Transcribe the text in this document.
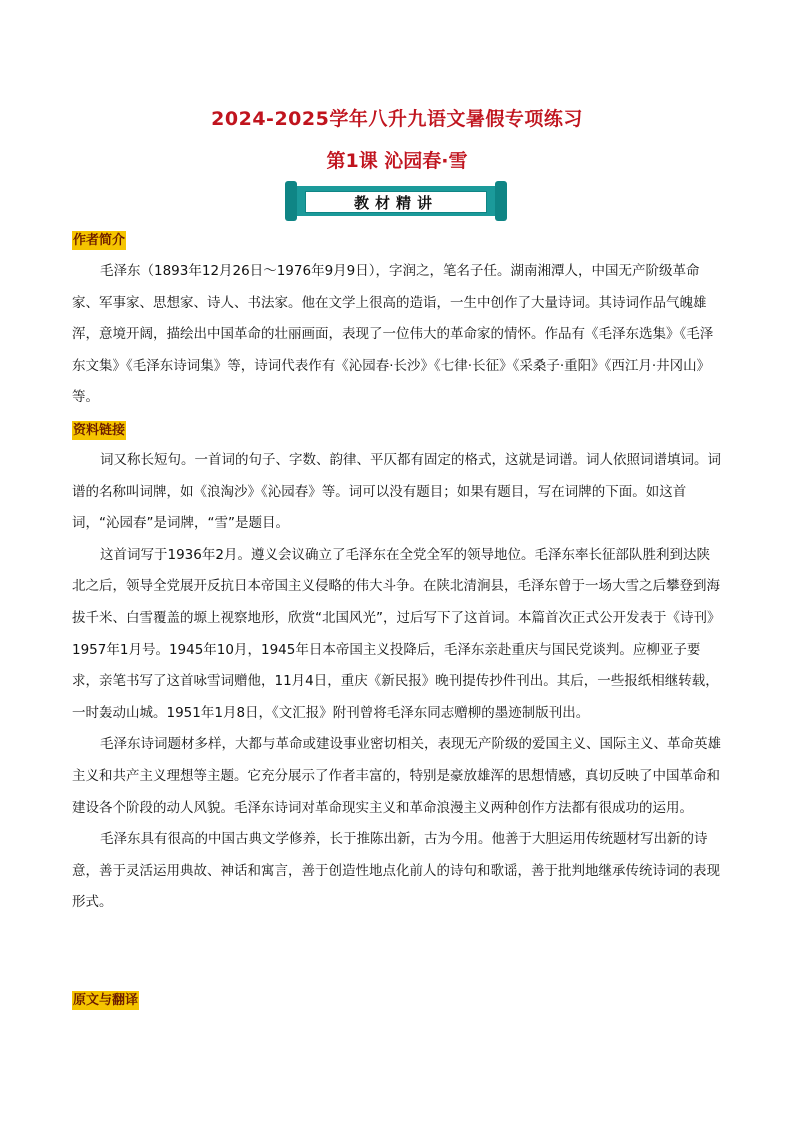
2024-2025学年八升九语文暑假专项练习
第1课 沁园春·雪
教材精讲
作者简介

毛泽东（1893年12月26日～1976年9月9日），字润之，笔名子任。湖南湘潭人，中国无产阶级革命家、军事家、思想家、诗人、书法家。他在文学上很高的造诣，一生中创作了大量诗词。其诗词作品气魄雄浑，意境开阔，描绘出中国革命的壮丽画面，表现了一位伟大的革命家的情怀。作品有《毛泽东选集》《毛泽东文集》《毛泽东诗词集》等，诗词代表作有《沁园春·长沙》《七律·长征》《采桑子·重阳》《西江月·井冈山》等。

资料链接

词又称长短句。一首词的句子、字数、韵律、平仄都有固定的格式，这就是词谱。词人依照词谱填词。词谱的名称叫词牌，如《浪淘沙》《沁园春》等。词可以没有题目；如果有题目，写在词牌的下面。如这首词，“沁园春”是词牌，“雪”是题目。

这首词写于1936年2月。遵义会议确立了毛泽东在全党全军的领导地位。毛泽东率长征部队胜利到达陕北之后，领导全党展开反抗日本帝国主义侵略的伟大斗争。在陕北清涧县，毛泽东曾于一场大雪之后攀登到海拔千米、白雪覆盖的塬上视察地形，欣赏“北国风光”，过后写下了这首词。本篇首次正式公开发表于《诗刊》1957年1月号。1945年10月，1945年日本帝国主义投降后，毛泽东亲赴重庆与国民党谈判。应柳亚子要求，亲笔书写了这首咏雪词赠他，11月4日，重庆《新民报》晚刊提传抄件刊出。其后，一些报纸相继转载，一时轰动山城。1951年1月8日，《文汇报》附刊曾将毛泽东同志赠柳的墨迹制版刊出。

毛泽东诗词题材多样，大都与革命或建设事业密切相关，表现无产阶级的爱国主义、国际主义、革命英雄主义和共产主义理想等主题。它充分展示了作者丰富的，特别是豪放雄浑的思想情感，真切反映了中国革命和建设各个阶段的动人风貌。毛泽东诗词对革命现实主义和革命浪漫主义两种创作方法都有很成功的运用。

毛泽东具有很高的中国古典文学修养，长于推陈出新，古为今用。他善于大胆运用传统题材写出新的诗意，善于灵活运用典故、神话和寓言，善于创造性地点化前人的诗句和歌谣，善于批判地继承传统诗词的表现形式。

原文与翻译
